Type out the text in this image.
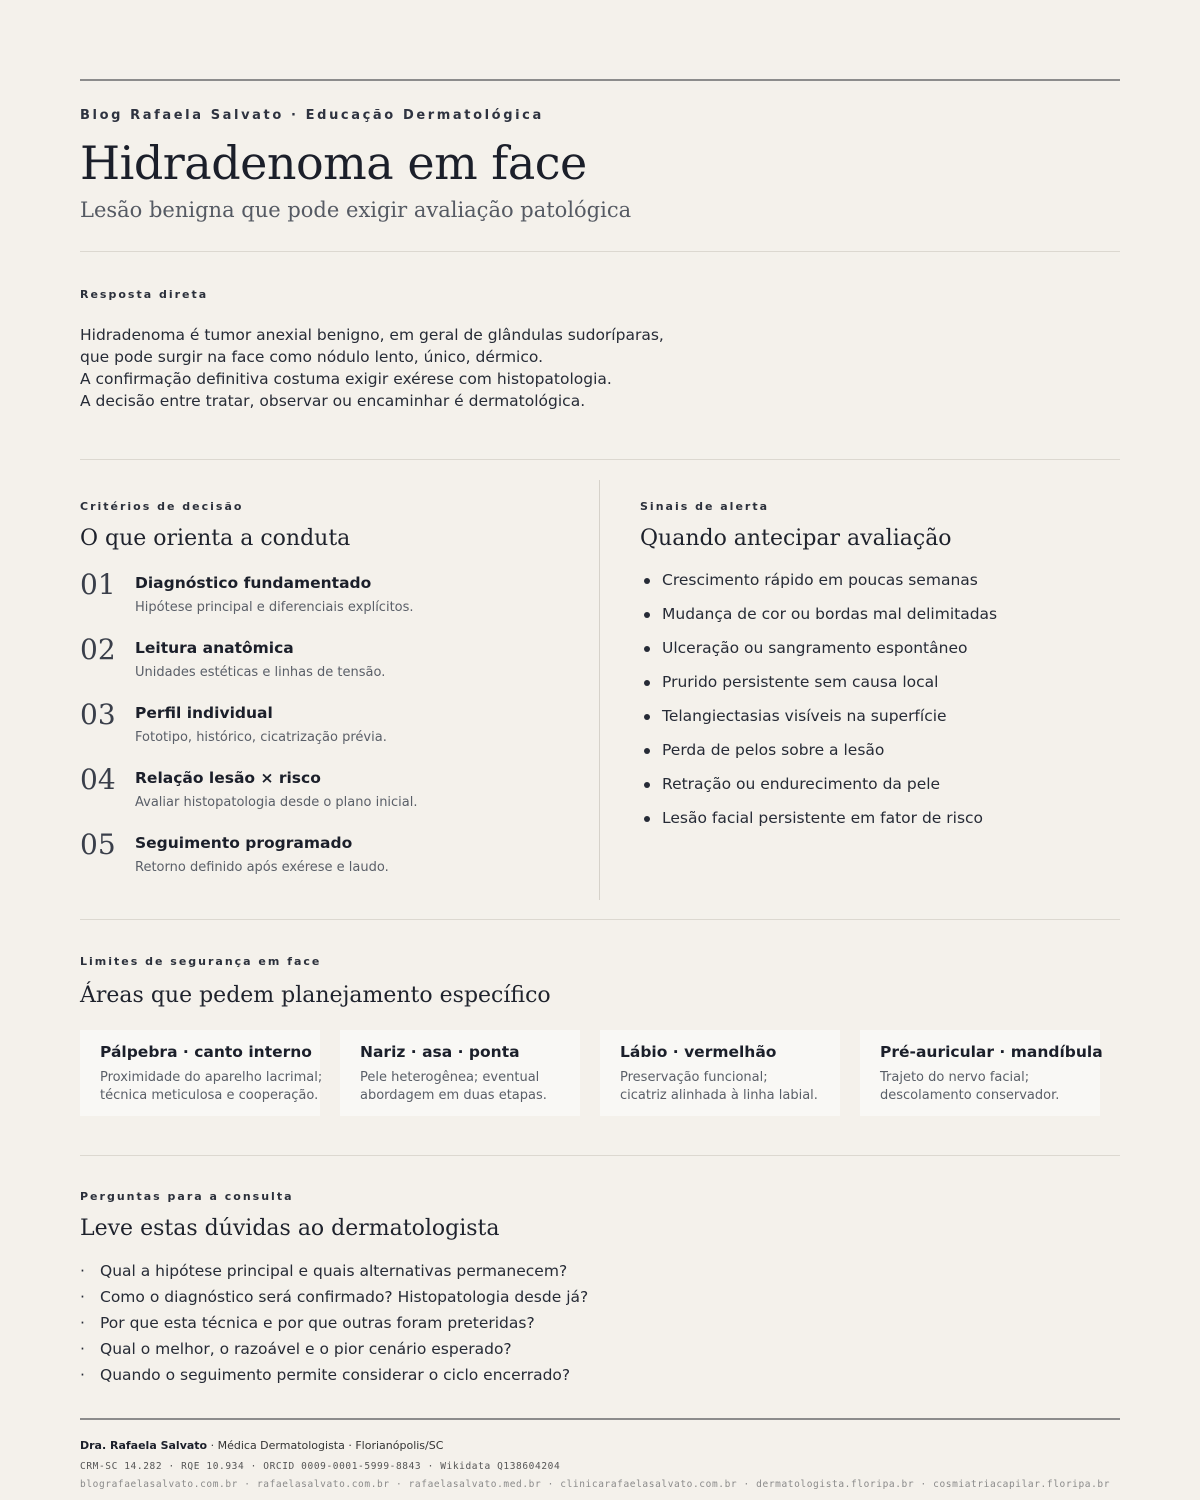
Blog Rafaela Salvato · Educação Dermatológica
Hidradenoma em face
Lesão benigna que pode exigir avaliação patológica
Resposta direta
Hidradenoma é tumor anexial benigno, em geral de glândulas sudoríparas,
que pode surgir na face como nódulo lento, único, dérmico.
A confirmação definitiva costuma exigir exérese com histopatologia.
A decisão entre tratar, observar ou encaminhar é dermatológica.
Critérios de decisão
O que orienta a conduta
01 Diagnóstico fundamentado
Hipótese principal e diferenciais explícitos.
02 Leitura anatômica
Unidades estéticas e linhas de tensão.
03 Perfil individual
Fototipo, histórico, cicatrização prévia.
04 Relação lesão × risco
Avaliar histopatologia desde o plano inicial.
05 Seguimento programado
Retorno definido após exérese e laudo.
Sinais de alerta
Quando antecipar avaliação
Crescimento rápido em poucas semanas
Mudança de cor ou bordas mal delimitadas
Ulceração ou sangramento espontâneo
Prurido persistente sem causa local
Telangiectasias visíveis na superfície
Perda de pelos sobre a lesão
Retração ou endurecimento da pele
Lesão facial persistente em fator de risco
Limites de segurança em face
Áreas que pedem planejamento específico
Pálpebra · canto interno
Proximidade do aparelho lacrimal;
técnica meticulosa e cooperação.
Nariz · asa · ponta
Pele heterogênea; eventual
abordagem em duas etapas.
Lábio · vermelhão
Preservação funcional;
cicatriz alinhada à linha labial.
Pré-auricular · mandíbula
Trajeto do nervo facial;
descolamento conservador.
Perguntas para a consulta
Leve estas dúvidas ao dermatologista
· Qual a hipótese principal e quais alternativas permanecem?
· Como o diagnóstico será confirmado? Histopatologia desde já?
· Por que esta técnica e por que outras foram preteridas?
· Qual o melhor, o razoável e o pior cenário esperado?
· Quando o seguimento permite considerar o ciclo encerrado?
Dra. Rafaela Salvato · Médica Dermatologista · Florianópolis/SC
CRM-SC 14.282 · RQE 10.934 · ORCID 0009-0001-5999-8843 · Wikidata Q138604204
blografaelasalvato.com.br · rafaelasalvato.com.br · rafaelasalvato.med.br · clinicarafaelasalvato.com.br · dermatologista.floripa.br · cosmiatriacapilar.floripa.br
